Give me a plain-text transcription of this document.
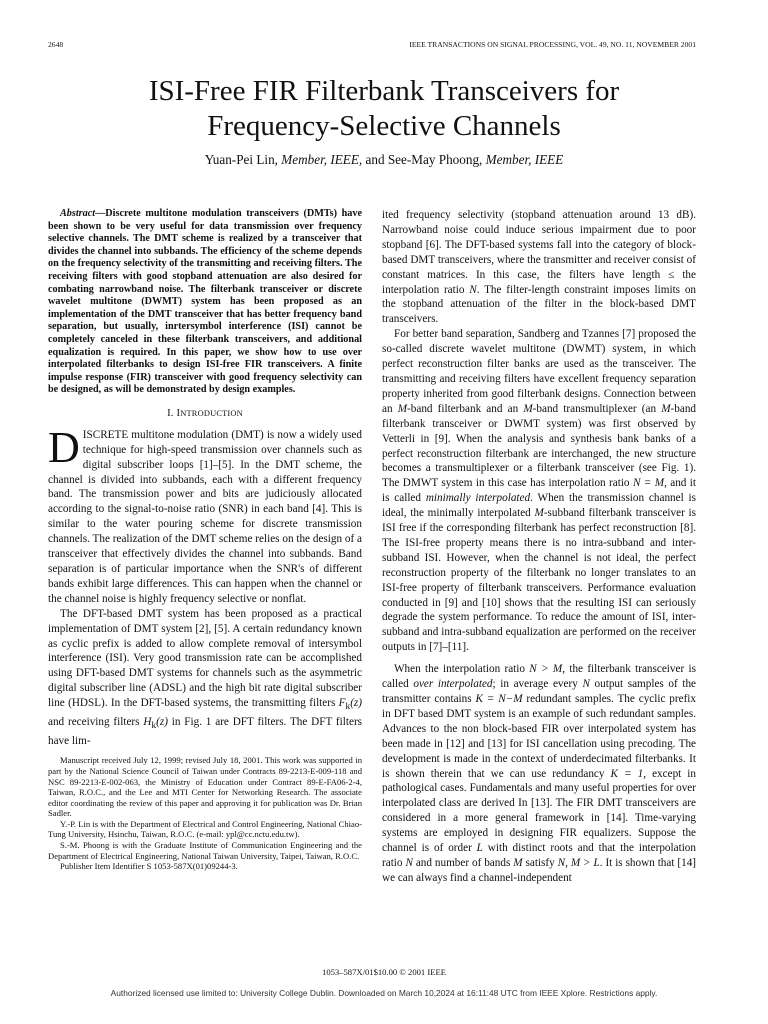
2648	IEEE TRANSACTIONS ON SIGNAL PROCESSING, VOL. 49, NO. 11, NOVEMBER 2001
ISI-Free FIR Filterbank Transceivers for
Frequency-Selective Channels
Yuan-Pei Lin, Member, IEEE, and See-May Phoong, Member, IEEE

Abstract—Discrete multitone modulation transceivers (DMTs) have been shown to be very useful for data transmission over frequency selective channels. The DMT scheme is realized by a transceiver that divides the channel into subbands. The efficiency of the scheme depends on the frequency selectivity of the transmitting and receiving filters. The receiving filters with good stopband attenuation are also desired for combating narrowband noise. The filterbank transceiver or discrete wavelet multitone (DWMT) system has been proposed as an implementation of the DMT transceiver that has better frequency band separation, but usually, inrtersymbol interference (ISI) cannot be completely canceled in these filterbank transceivers, and additional equalization is required. In this paper, we show how to use over interpolated filterbanks to design ISI-free FIR transceivers. A finite impulse response (FIR) transceiver with good frequency selectivity can be designed, as will be demonstrated by design examples.

I. INTRODUCTION

DISCRETE multitone modulation (DMT) is now a widely used technique for high-speed transmission over channels such as digital subscriber loops [1]–[5]. In the DMT scheme, the channel is divided into subbands, each with a different frequency band. The transmission power and bits are judiciously allocated according to the signal-to-noise ratio (SNR) in each band [4]. This is similar to the water pouring scheme for discrete transmission channels. The realization of the DMT scheme relies on the design of a transceiver that effectively divides the channel into subbands. Band separation is of particular importance when the SNR's of different bands exhibit large differences. This can happen when the channel or the channel noise is highly frequency selective or nonflat.

The DFT-based DMT system has been proposed as a practical implementation of DMT system [2], [5]. A certain redundancy known as cyclic prefix is added to allow complete removal of intersymbol interference (ISI). Very good transmission rate can be accomplished using DFT-based DMT systems for channels such as the asymmetric digital subscriber line (ADSL) and the high bit rate digital subscriber line (HDSL). In the DFT-based systems, the transmitting filters $F_k(z)$ and receiving filters $H_k(z)$ in Fig. 1 are DFT filters. The DFT filters have lim-

Manuscript received July 12, 1999; revised July 18, 2001. This work was supported in part by the National Science Council of Taiwan under Contracts 89-2213-E-009-118 and NSC 89-2213-E-002-063, the Ministry of Education under Contract 89-E-FA06-2-4, Taiwan, R.O.C., and the Lee and MTI Center for Networking Research. The associate editor coordinating the review of this paper and approving it for publication was Dr. Brian Sadler.

Y.-P. Lin is with the Department of Electrical and Control Engineering, National Chiao-Tung University, Hsinchu, Taiwan, R.O.C. (e-mail: ypl@cc.nctu.edu.tw).

S.-M. Phoong is with the Graduate Institute of Communication Engineering and the Department of Electrical Engineering, National Taiwan University, Taipei, Taiwan, R.O.C.

Publisher Item Identifier S 1053-587X(01)09244-3.

ited frequency selectivity (stopband attenuation around 13 dB). Narrowband noise could induce serious impairment due to poor stopband [6]. The DFT-based systems fall into the category of block-based DMT transceivers, where the transmitter and receiver consist of constant matrices. In this case, the filters have length ≤ the interpolation ratio N. The filter-length constraint imposes limits on the stopband attenuation of the filter in the block-based DMT transceivers.

For better band separation, Sandberg and Tzannes [7] proposed the so-called discrete wavelet multitone (DWMT) system, in which perfect reconstruction filter banks are used as the transceiver. The transmitting and receiving filters have excellent frequency separation property inherited from good filterbank designs. Connection between an M-band filterbank and an M-band transmultiplexer (an M-band filterbank transceiver or DWMT system) was first observed by Vetterli in [9]. When the analysis and synthesis bank banks of a perfect reconstruction filterbank are interchanged, the new structure becomes a transmultiplexer or a filterbank transceiver (see Fig. 1). The DMWT system in this case has interpolation ratio N = M, and it is called minimally interpolated. When the transmission channel is ideal, the minimally interpolated M-subband filterbank transceiver is ISI free if the corresponding filterbank has perfect reconstruction [8]. The ISI-free property means there is no intra-subband and inter-subband ISI. However, when the channel is not ideal, the perfect reconstruction property of the filterbank no longer translates to an ISI-free property of filterbank transceivers. Performance evaluation conducted in [9] and [10] shows that the resulting ISI can seriously degrade the system performance. To reduce the amount of ISI, inter-subband and intra-subband equalization are performed on the receiver outputs in [7]–[11].

When the interpolation ratio N > M, the filterbank transceiver is called over interpolated; in average every N output samples of the transmitter contains K = N−M redundant samples. The cyclic prefix in DFT based DMT system is an example of such redundant samples. Advances to the non block-based FIR over interpolated system has been made in [12] and [13] for ISI cancellation using precoding. The development is made in the context of underdecimated filterbanks. It is shown therein that we can use redundancy K = 1, except in pathological cases. Fundamentals and many useful properties for over interpolated class are derived In [13]. The FIR DMT transceivers are considered in a more general framework in [14]. Time-varying systems are employed in designing FIR equalizers. Suppose the channel is of order L with distinct roots and that the interpolation ratio N and number of bands M satisfy N, M > L. It is shown that [14] we can always find a channel-independent

1053–587X/01$10.00 © 2001 IEEE
Authorized licensed use limited to: University College Dublin. Downloaded on March 10,2024 at 16:11:48 UTC from IEEE Xplore. Restrictions apply.
